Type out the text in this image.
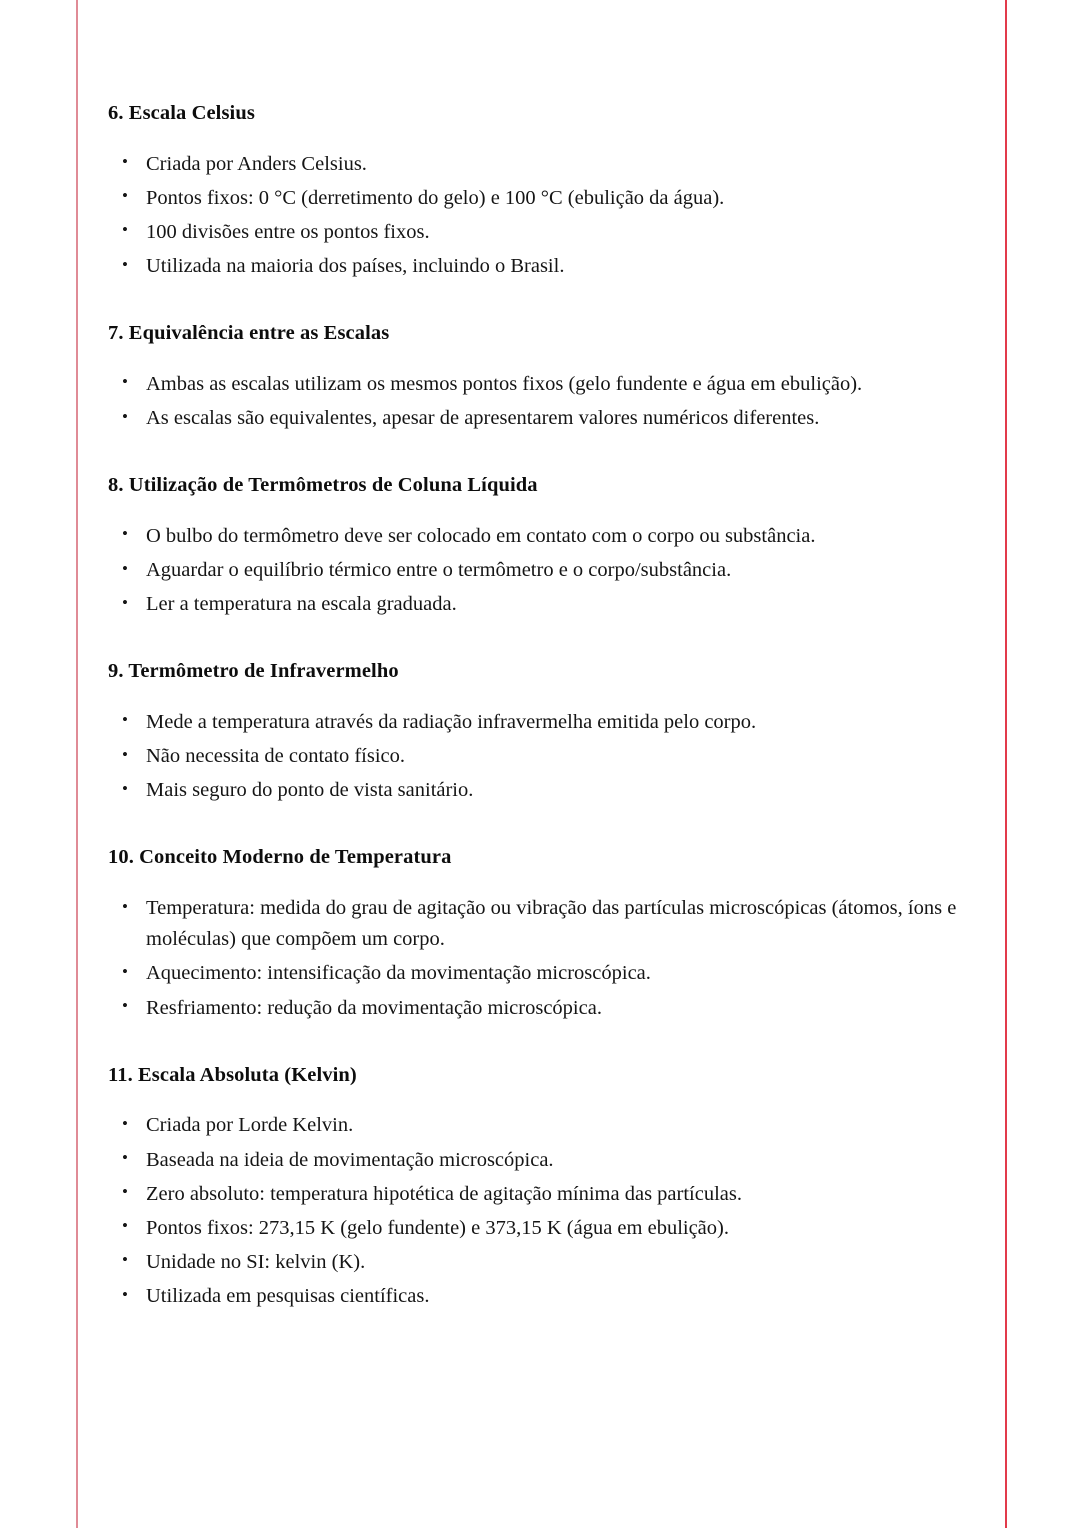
6. Escala Celsius
• Criada por Anders Celsius.
• Pontos fixos: 0 °C (derretimento do gelo) e 100 °C (ebulição da água).
• 100 divisões entre os pontos fixos.
• Utilizada na maioria dos países, incluindo o Brasil.
7. Equivalência entre as Escalas
• Ambas as escalas utilizam os mesmos pontos fixos (gelo fundente e água em ebulição).
• As escalas são equivalentes, apesar de apresentarem valores numéricos diferentes.
8. Utilização de Termômetros de Coluna Líquida
• O bulbo do termômetro deve ser colocado em contato com o corpo ou substância.
• Aguardar o equilíbrio térmico entre o termômetro e o corpo/substância.
• Ler a temperatura na escala graduada.
9. Termômetro de Infravermelho
• Mede a temperatura através da radiação infravermelha emitida pelo corpo.
• Não necessita de contato físico.
• Mais seguro do ponto de vista sanitário.
10. Conceito Moderno de Temperatura
• Temperatura: medida do grau de agitação ou vibração das partículas microscópicas (átomos, íons e moléculas) que compõem um corpo.
• Aquecimento: intensificação da movimentação microscópica.
• Resfriamento: redução da movimentação microscópica.
11. Escala Absoluta (Kelvin)
• Criada por Lorde Kelvin.
• Baseada na ideia de movimentação microscópica.
• Zero absoluto: temperatura hipotética de agitação mínima das partículas.
• Pontos fixos: 273,15 K (gelo fundente) e 373,15 K (água em ebulição).
• Unidade no SI: kelvin (K).
• Utilizada em pesquisas científicas.
